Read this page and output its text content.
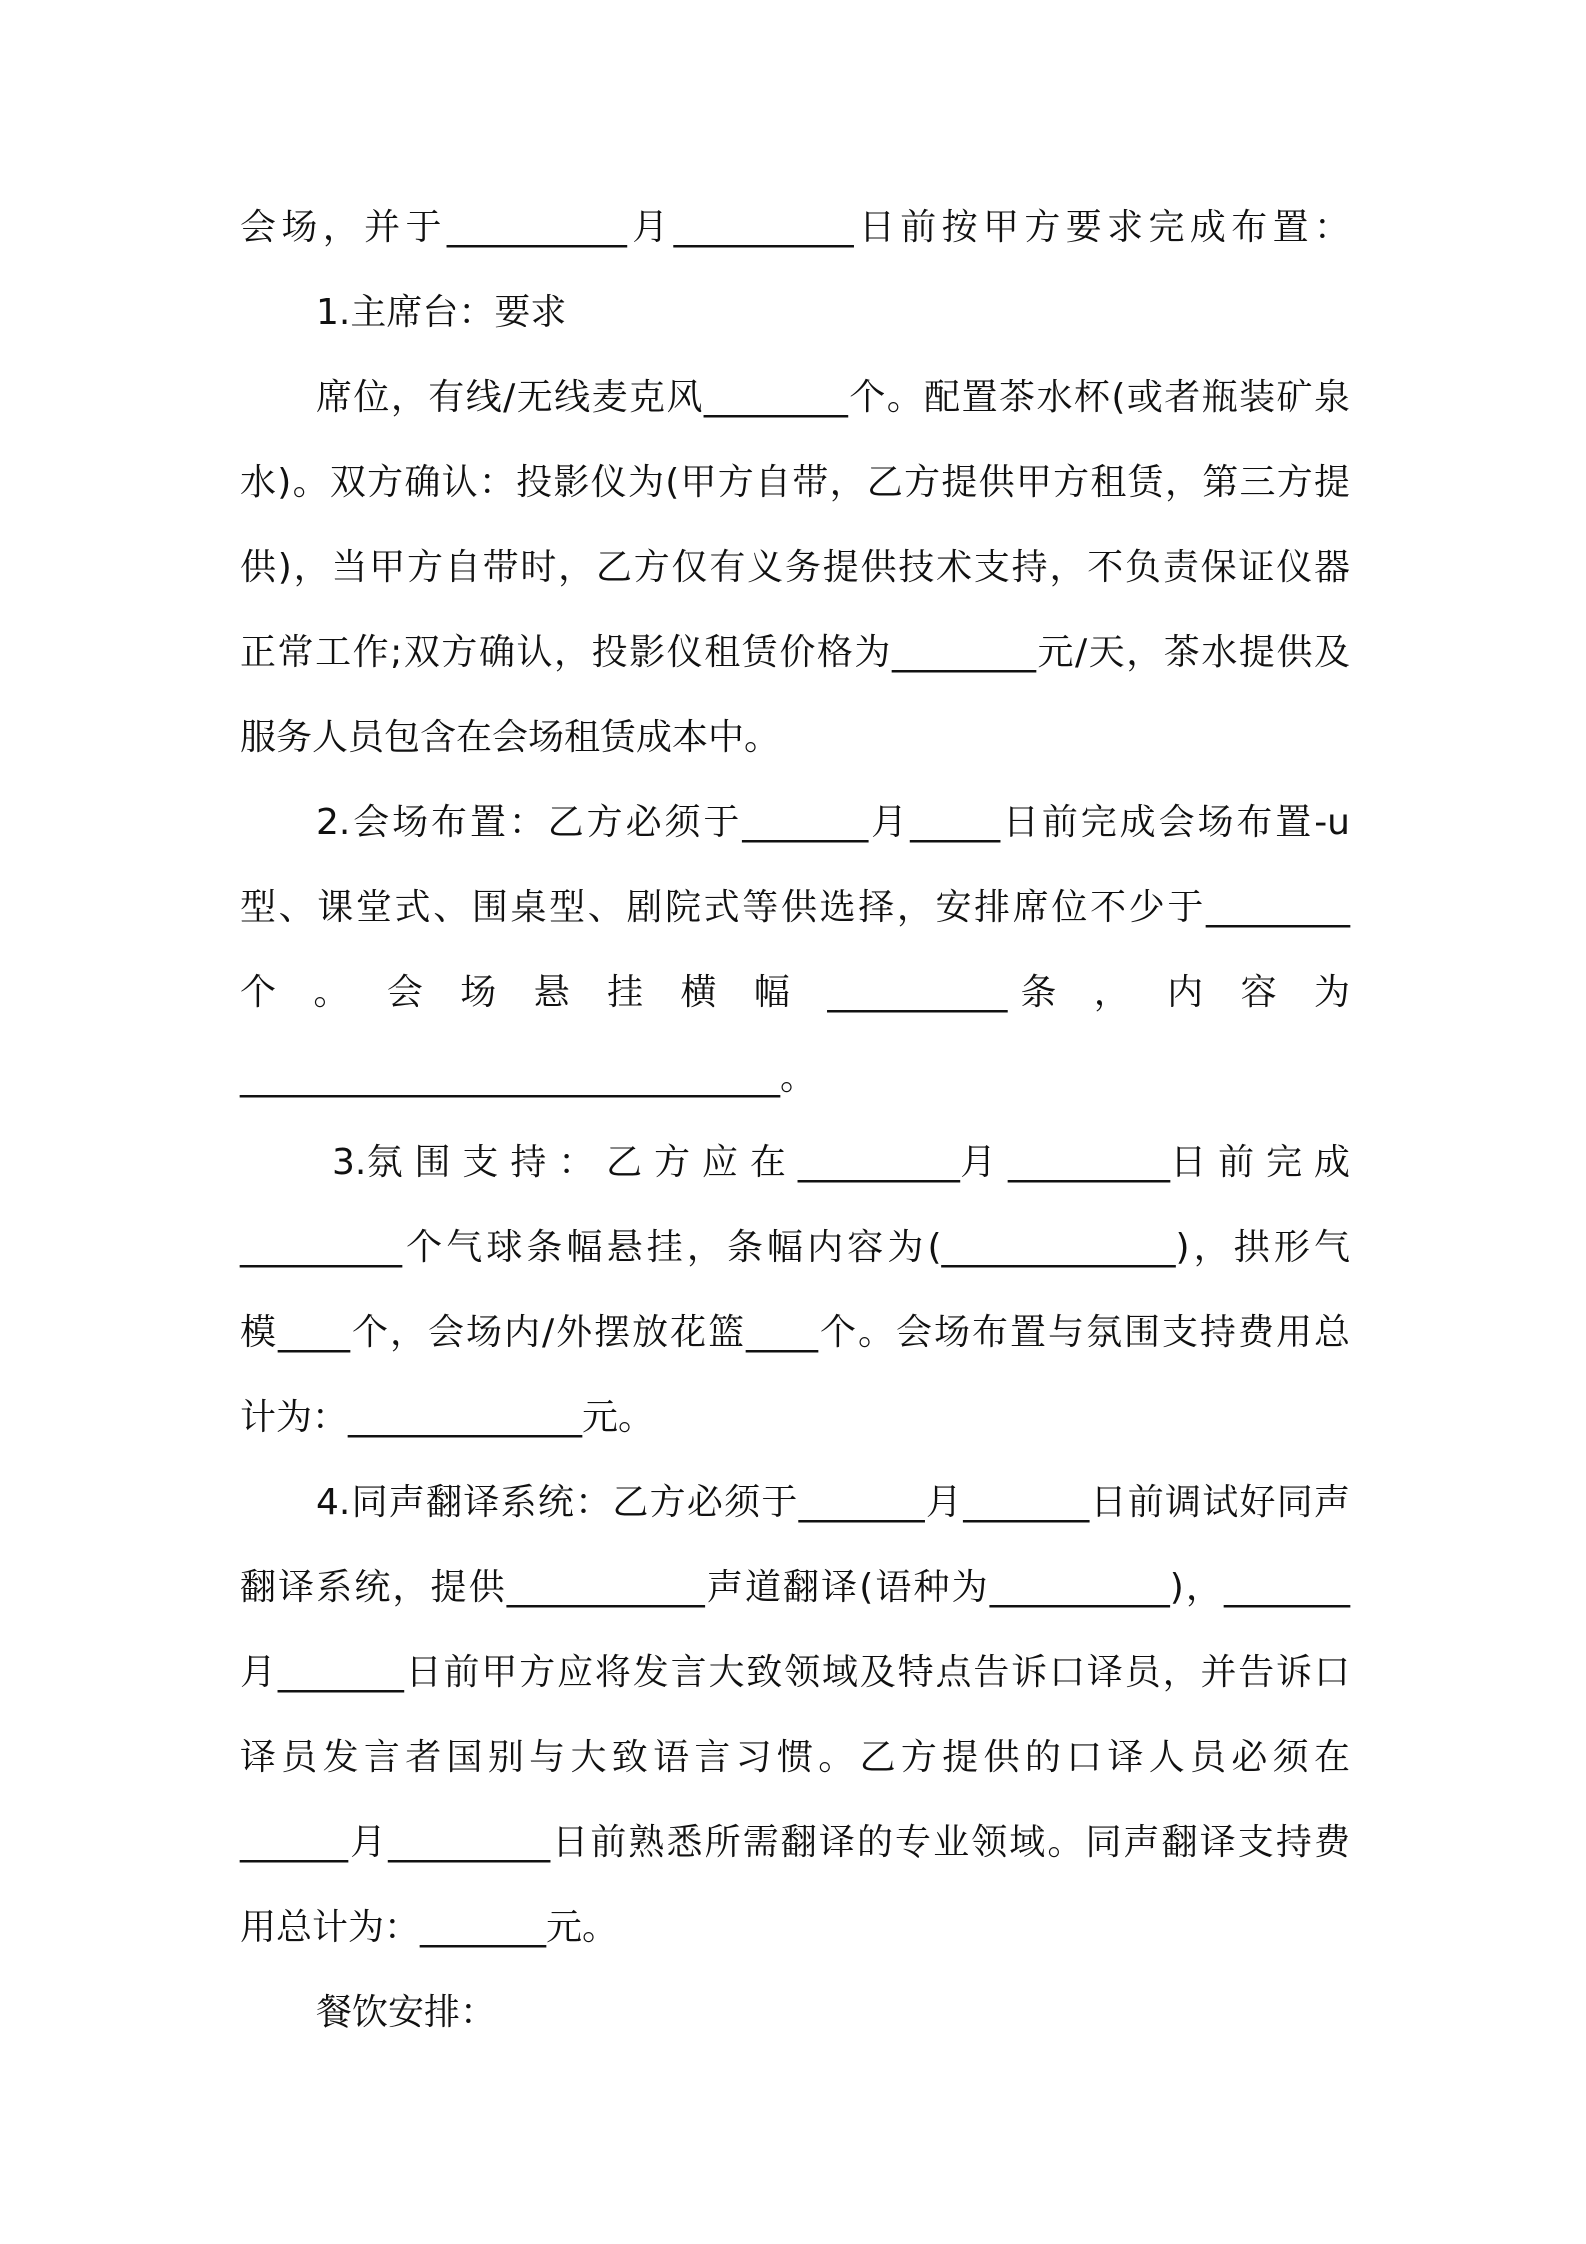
会场，并于__________月__________日前按甲方要求完成布置：
1.主席台：要求
席位，有线/无线麦克风________个。配置茶水杯(或者瓶装矿泉
水)。双方确认：投影仪为(甲方自带，乙方提供甲方租赁，第三方提
供)，当甲方自带时，乙方仅有义务提供技术支持，不负责保证仪器
正常工作;双方确认，投影仪租赁价格为________元/天，茶水提供及
服务人员包含在会场租赁成本中。
2.会场布置：乙方必须于_______月_____日前完成会场布置-u
型、课堂式、围桌型、剧院式等供选择，安排席位不少于________
个 。 会 场 悬 挂 横 幅 __________条 ， 内 容 为
______________________________。
3.氛 围 支 持 ： 乙 方 应 在 _________月 _________日 前 完 成
_________个气球条幅悬挂，条幅内容为(_____________)，拱形气
模____个，会场内/外摆放花篮____个。会场布置与氛围支持费用总
计为：_____________元。
4.同声翻译系统：乙方必须于_______月_______日前调试好同声
翻译系统，提供___________声道翻译(语种为__________)，_______
月_______日前甲方应将发言大致领域及特点告诉口译员，并告诉口
译员发言者国别与大致语言习惯。乙方提供的口译人员必须在
______月_________日前熟悉所需翻译的专业领域。同声翻译支持费
用总计为：_______元。
餐饮安排：
